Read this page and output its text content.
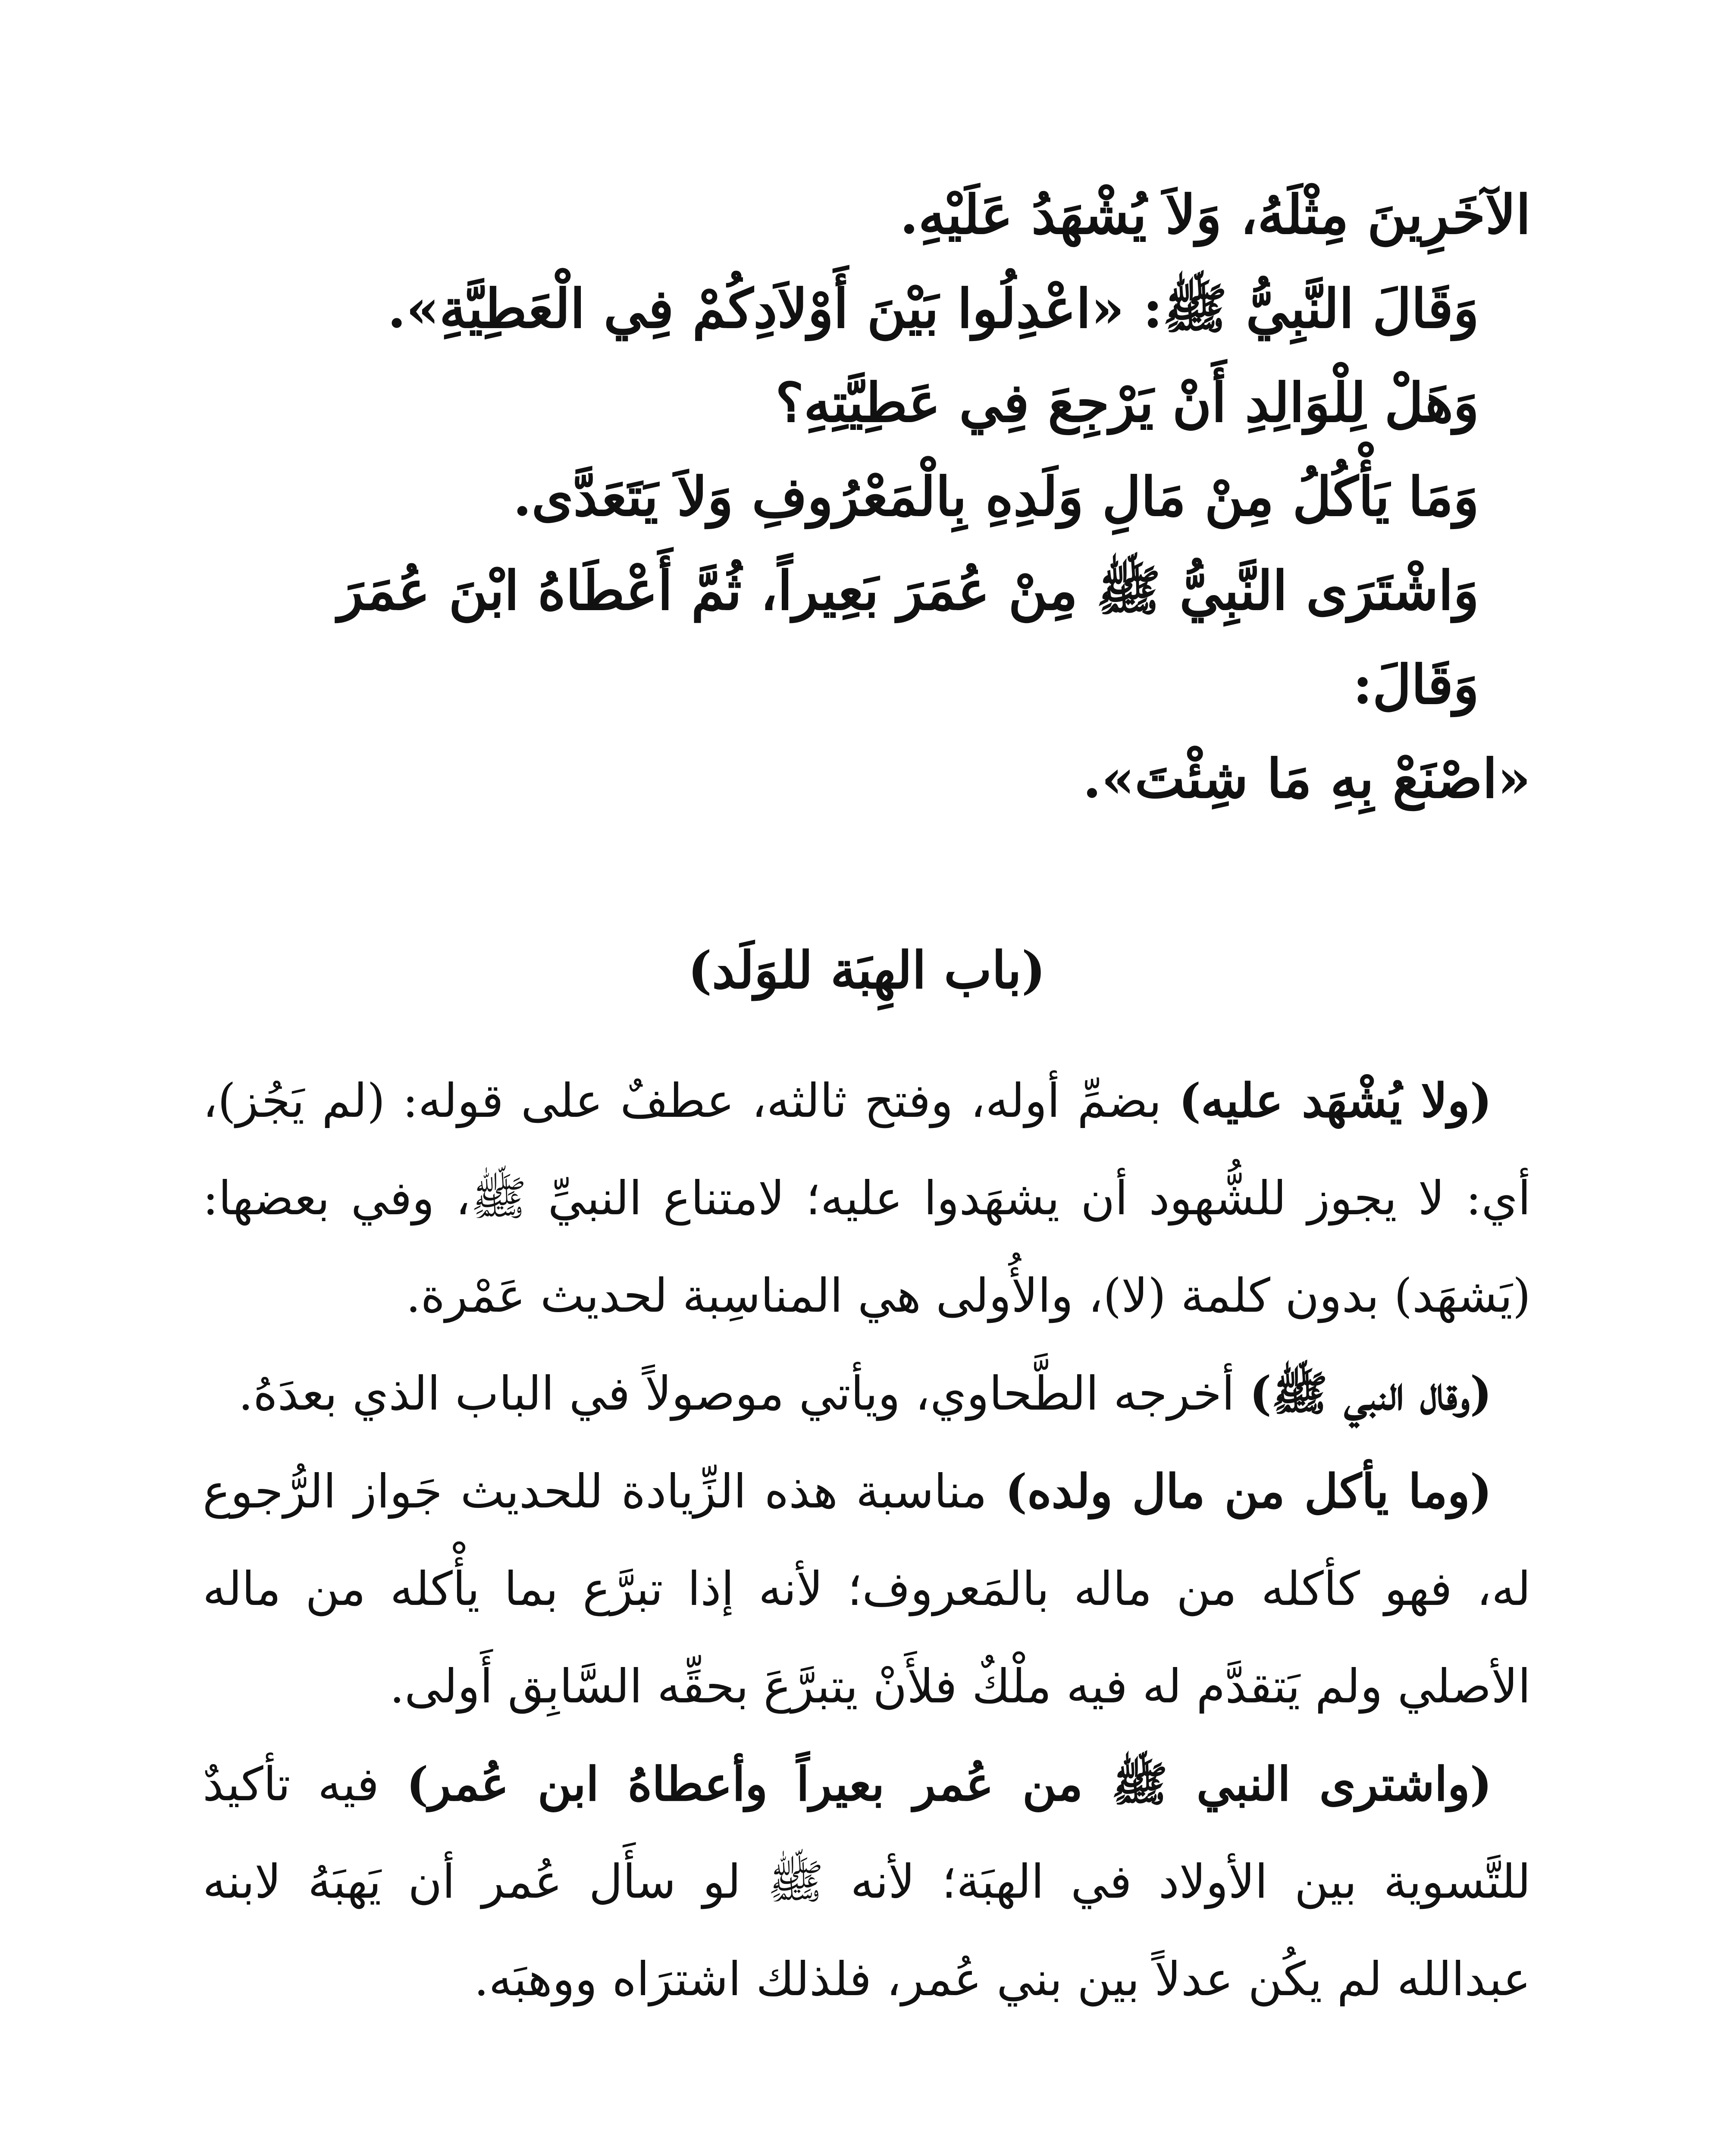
الآخَرِينَ مِثْلَهُ، وَلاَ يُشْهَدُ عَلَيْهِ.

وَقَالَ النَّبِيُّ ﷺ: «اعْدِلُوا بَيْنَ أَوْلاَدِكُمْ فِي الْعَطِيَّةِ».

وَهَلْ لِلْوَالِدِ أَنْ يَرْجِعَ فِي عَطِيَّتِهِ؟

وَمَا يَأْكُلُ مِنْ مَالِ وَلَدِهِ بِالْمَعْرُوفِ وَلاَ يَتَعَدَّى.

وَاشْتَرَى النَّبِيُّ ﷺ مِنْ عُمَرَ بَعِيراً، ثُمَّ أَعْطَاهُ ابْنَ عُمَرَ وَقَالَ:

«اصْنَعْ بِهِ مَا شِئْتَ».

(باب الهِبَة للوَلَد)

(ولا يُشْهَد عليه) بضمِّ أوله، وفتح ثالثه، عطفٌ على قوله: (لم يَجُز)، أي: لا يجوز للشُّهود أن يشهَدوا عليه؛ لامتناع النبيِّ ﷺ، وفي بعضها: (يَشهَد) بدون كلمة (لا)، والأُولى هي المناسِبة لحديث عَمْرة.

(وقال النبي ﷺ) أخرجه الطَّحاوي، ويأتي موصولاً في الباب الذي بعدَهُ.

(وما يأكل من مال ولده) مناسبة هذه الزِّيادة للحديث جَواز الرُّجوع له، فهو كأكله من ماله بالمَعروف؛ لأنه إذا تبرَّع بما يأْكله من ماله الأصلي ولم يَتقدَّم له فيه ملْكٌ فلأَنْ يتبرَّعَ بحقِّه السَّابِق أَولى.

(واشترى النبي ﷺ من عُمر بعيراً وأعطاهُ ابن عُمر) فيه تأكيدٌ للتَّسوية بين الأولاد في الهبَة؛ لأنه ﷺ لو سأَل عُمر أن يَهبَهُ لابنه عبدالله لم يكُن عدلاً بين بني عُمر، فلذلك اشترَاه ووهبَه.
